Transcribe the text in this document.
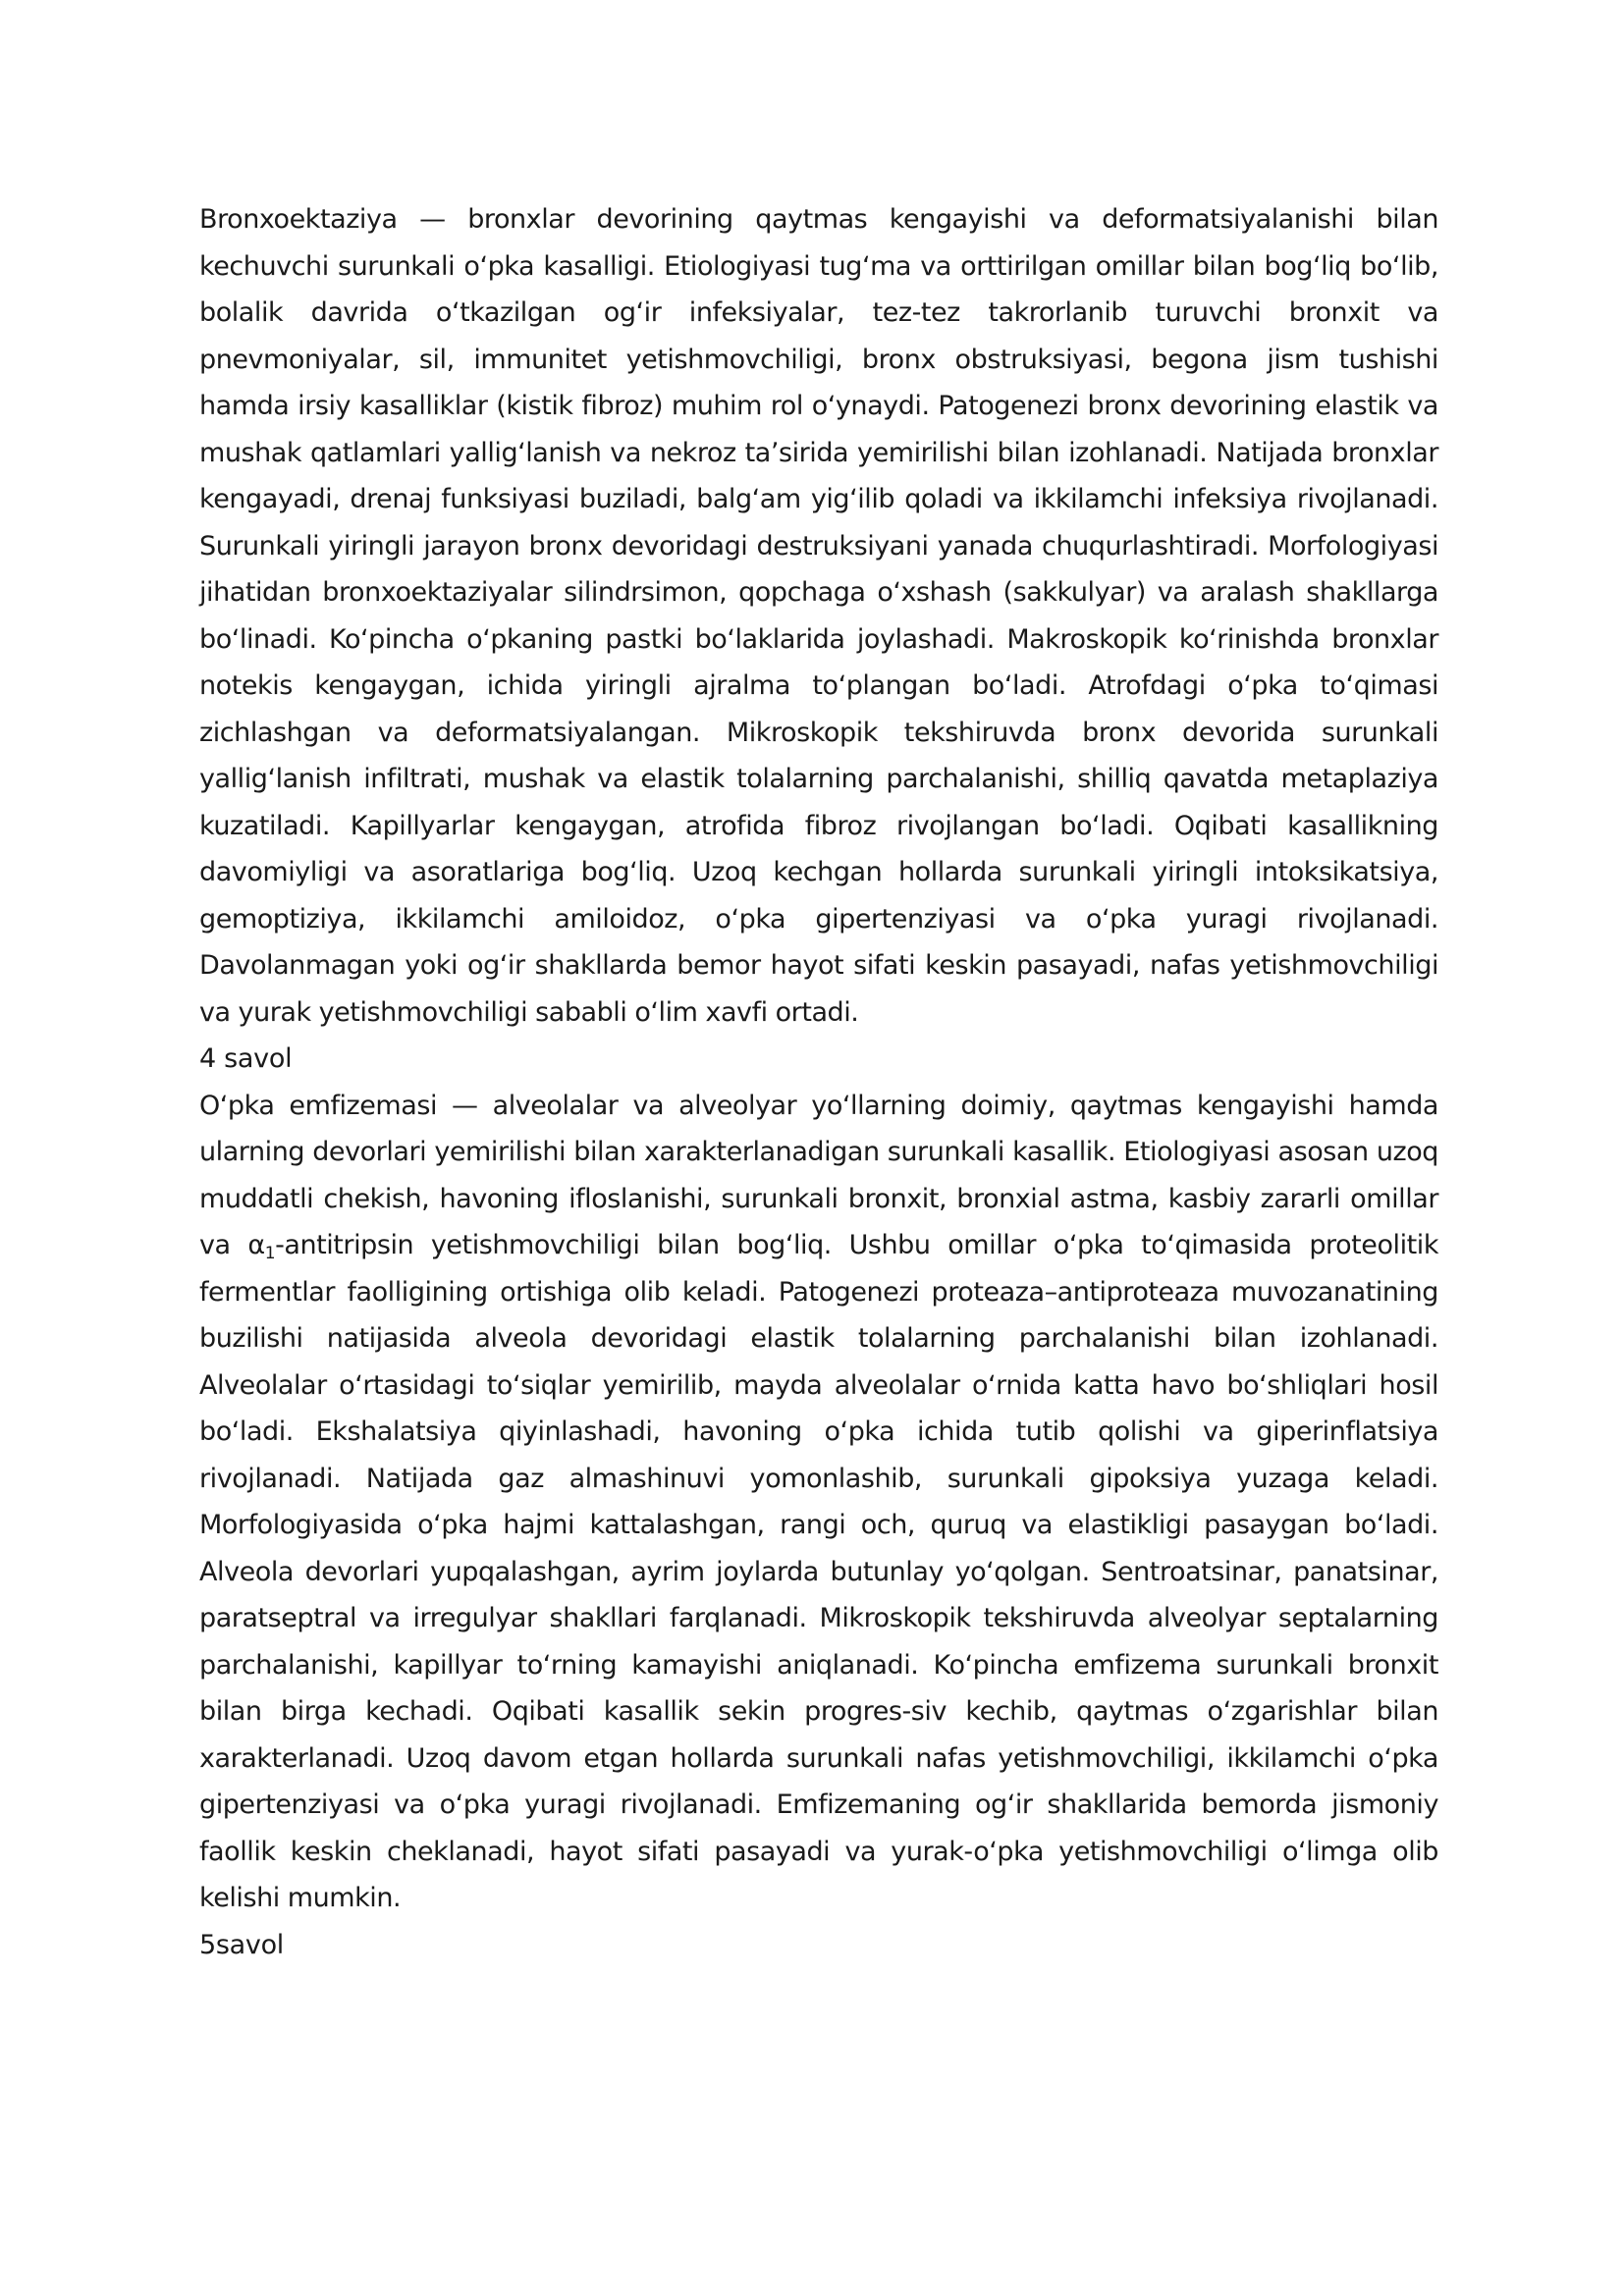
Bronxoektaziya — bronxlar devorining qaytmas kengayishi va deformatsiyalanishi bilan kechuvchi surunkali oʻpka kasalligi. Etiologiyasi tugʻma va orttirilgan omillar bilan bogʻliq boʻlib, bolalik davrida oʻtkazilgan ogʻir infeksiyalar, tez-tez takrorlanib turuvchi bronxit va pnevmoniyalar, sil, immunitet yetishmovchiligi, bronx obstruksiyasi, begona jism tushishi hamda irsiy kasalliklar (kistik fibroz) muhim rol oʻynaydi. Patogenezi bronx devorining elastik va mushak qatlamlari yalligʻlanish va nekroz taʼsirida yemirilishi bilan izohlanadi. Natijada bronxlar kengayadi, drenaj funksiyasi buziladi, balgʻam yigʻilib qoladi va ikkilamchi infeksiya rivojlanadi. Surunkali yiringli jarayon bronx devoridagi destruksiyani yanada chuqurlashtiradi. Morfologiyasi jihatidan bronxoektaziyalar silindrsimon, qopchaga oʻxshash (sakkulyar) va aralash shakllarga boʻlinadi. Koʻpincha oʻpkaning pastki boʻlaklarida joylashadi. Makroskopik koʻrinishda bronxlar notekis kengaygan, ichida yiringli ajralma toʻplangan boʻladi. Atrofdagi oʻpka toʻqimasi zichlashgan va deformatsiyalangan. Mikroskopik tekshiruvda bronx devorida surunkali yalligʻlanish infiltrati, mushak va elastik tolalarning parchalanishi, shilliq qavatda metaplaziya kuzatiladi. Kapillyarlar kengaygan, atrofida fibroz rivojlangan boʻladi. Oqibati kasallikning davomiyligi va asoratlariga bogʻliq. Uzoq kechgan hollarda surunkali yiringli intoksikatsiya, gemoptiziya, ikkilamchi amiloidoz, oʻpka gipertenziyasi va oʻpka yuragi rivojlanadi. Davolanmagan yoki ogʻir shakllarda bemor hayot sifati keskin pasayadi, nafas yetishmovchiligi va yurak yetishmovchiligi sababli oʻlim xavfi ortadi.

4 savol

Oʻpka emfizemasi — alveolalar va alveolyar yoʻllarning doimiy, qaytmas kengayishi hamda ularning devorlari yemirilishi bilan xarakterlanadigan surunkali kasallik. Etiologiyasi asosan uzoq muddatli chekish, havoning ifloslanishi, surunkali bronxit, bronxial astma, kasbiy zararli omillar va $\alpha_1$-antitripsin yetishmovchiligi bilan bogʻliq. Ushbu omillar oʻpka toʻqimasida proteolitik fermentlar faolligining ortishiga olib keladi. Patogenezi proteaza–antiproteaza muvozanatining buzilishi natijasida alveola devoridagi elastik tolalarning parchalanishi bilan izohlanadi. Alveolalar oʻrtasidagi toʻsiqlar yemirilib, mayda alveolalar oʻrnida katta havo boʻshliqlari hosil boʻladi. Ekshalatsiya qiyinlashadi, havoning oʻpka ichida tutib qolishi va giperinflatsiya rivojlanadi. Natijada gaz almashinuvi yomonlashib, surunkali gipoksiya yuzaga keladi. Morfologiyasida oʻpka hajmi kattalashgan, rangi och, quruq va elastikligi pasaygan boʻladi. Alveola devorlari yupqalashgan, ayrim joylarda butunlay yoʻqolgan. Sentroatsinar, panatsinar, paratseptral va irregulyar shakllari farqlanadi. Mikroskopik tekshiruvda alveolyar septalarning parchalanishi, kapillyar toʻrning kamayishi aniqlanadi. Koʻpincha emfizema surunkali bronxit bilan birga kechadi. Oqibati kasallik sekin progres-siv kechib, qaytmas oʻzgarishlar bilan xarakterlanadi. Uzoq davom etgan hollarda surunkali nafas yetishmovchiligi, ikkilamchi oʻpka gipertenziyasi va oʻpka yuragi rivojlanadi. Emfizemaning ogʻir shakllarida bemorda jismoniy faollik keskin cheklanadi, hayot sifati pasayadi va yurak-oʻpka yetishmovchiligi oʻlimga olib kelishi mumkin.

5savol
